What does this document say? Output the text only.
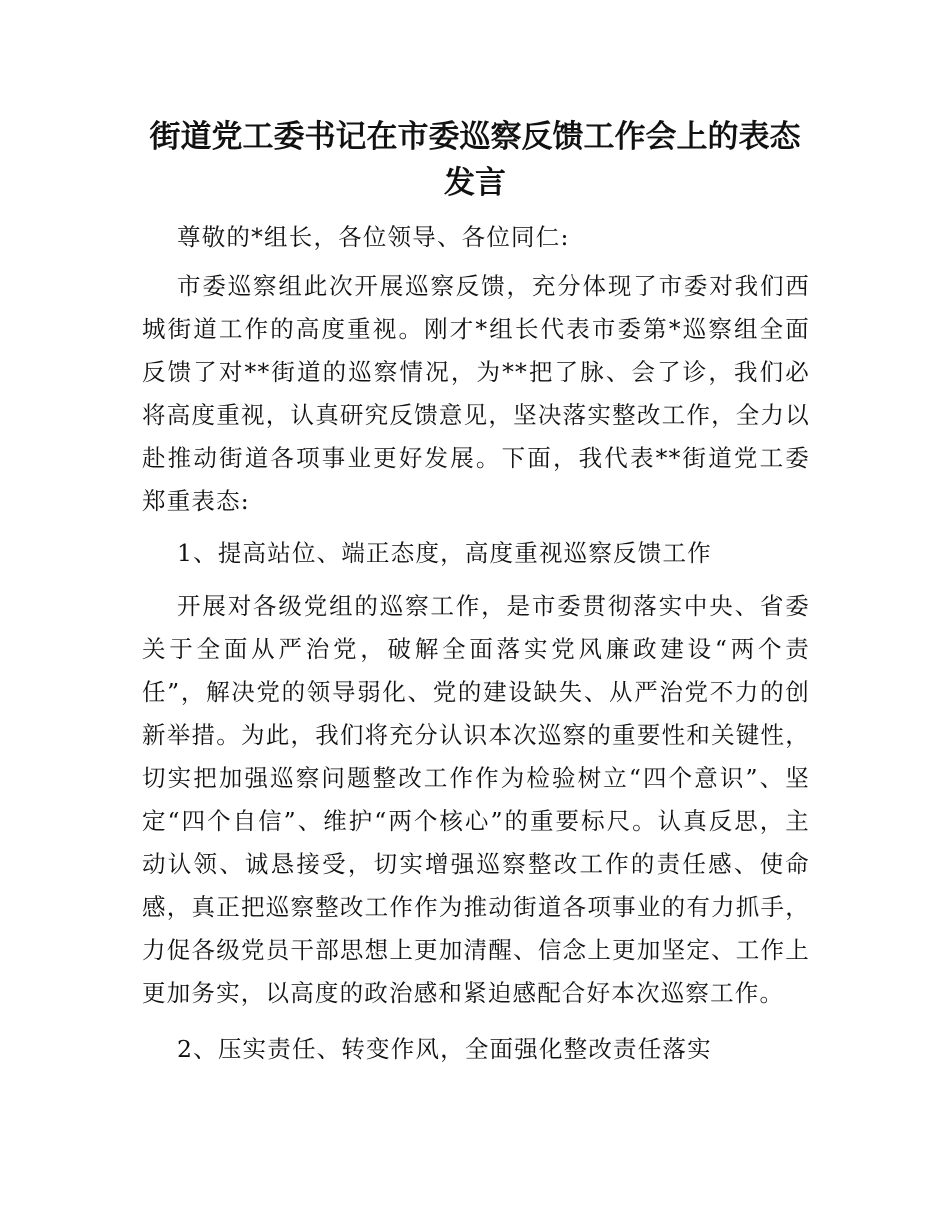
街道党工委书记在市委巡察反馈工作会上的表态发言

尊敬的*组长，各位领导、各位同仁:

市委巡察组此次开展巡察反馈，充分体现了市委对我们西城街道工作的高度重视。刚才*组长代表市委第*巡察组全面反馈了对**街道的巡察情况，为**把了脉、会了诊，我们必将高度重视，认真研究反馈意见，坚决落实整改工作，全力以赴推动街道各项事业更好发展。下面，我代表**街道党工委郑重表态:

1、提高站位、端正态度，高度重视巡察反馈工作

开展对各级党组的巡察工作，是市委贯彻落实中央、省委关于全面从严治党，破解全面落实党风廉政建设“两个责任”，解决党的领导弱化、党的建设缺失、从严治党不力的创新举措。为此，我们将充分认识本次巡察的重要性和关键性，切实把加强巡察问题整改工作作为检验树立“四个意识”、坚定“四个自信”、维护“两个核心”的重要标尺。认真反思，主动认领、诚恳接受，切实增强巡察整改工作的责任感、使命感，真正把巡察整改工作作为推动街道各项事业的有力抓手，力促各级党员干部思想上更加清醒、信念上更加坚定、工作上更加务实，以高度的政治感和紧迫感配合好本次巡察工作。

2、压实责任、转变作风，全面强化整改责任落实
